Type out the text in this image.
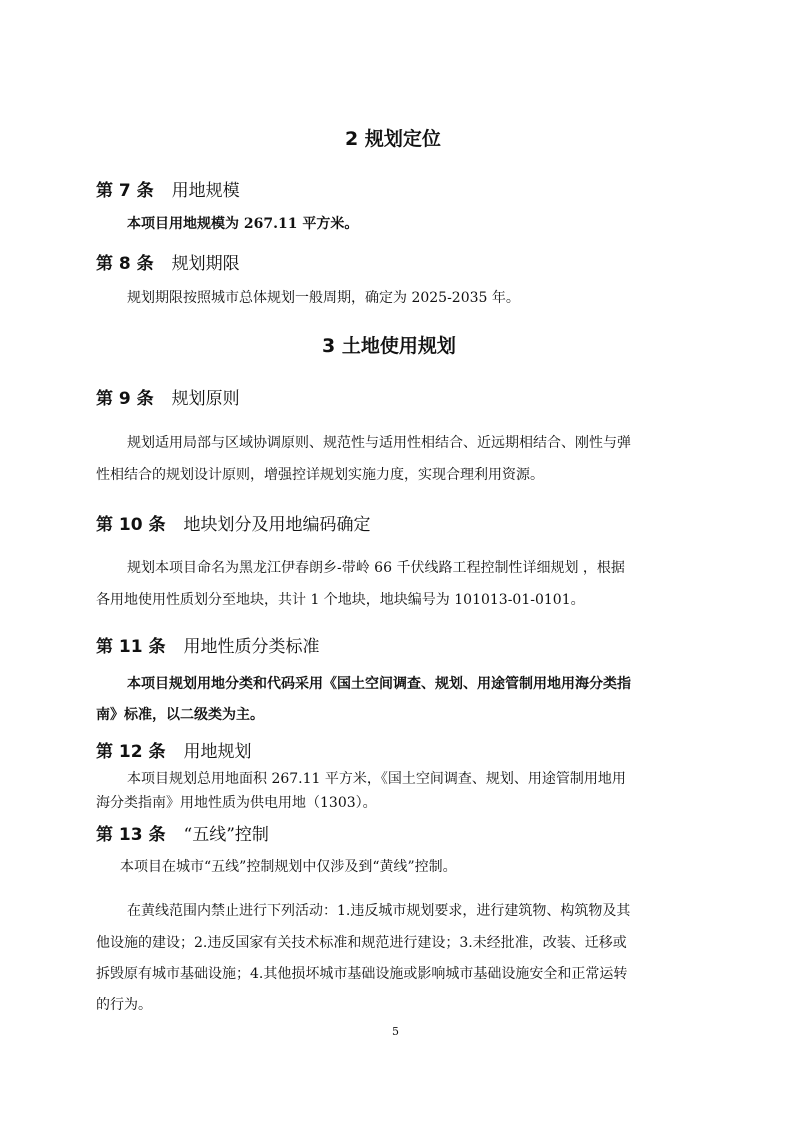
2 规划定位
第 7 条 用地规模

本项目用地规模为 267.11 平方米。

第 8 条 规划期限

规划期限按照城市总体规划一般周期，确定为 2025-2035 年。

3 土地使用规划
第 9 条 规划原则

规划适用局部与区域协调原则、规范性与适用性相结合、近远期相结合、刚性与弹

性相结合的规划设计原则，增强控详规划实施力度，实现合理利用资源。

第 10 条 地块划分及用地编码确定

规划本项目命名为黑龙江伊春朗乡-带岭 66 千伏线路工程控制性详细规划 ，根据

各用地使用性质划分至地块，共计 1 个地块，地块编号为 101013-01-0101。

第 11 条 用地性质分类标准

本项目规划用地分类和代码采用《国土空间调查、规划、用途管制用地用海分类指

南》标准，以二级类为主。

第 12 条 用地规划

本项目规划总用地面积 267.11 平方米，《国土空间调查、规划、用途管制用地用

海分类指南》用地性质为供电用地（1303）。

第 13 条 “五线”控制

本项目在城市“五线”控制规划中仅涉及到“黄线”控制。

在黄线范围内禁止进行下列活动：1.违反城市规划要求，进行建筑物、构筑物及其

他设施的建设；2.违反国家有关技术标准和规范进行建设；3.未经批准，改装、迁移或

拆毁原有城市基础设施；4.其他损坏城市基础设施或影响城市基础设施安全和正常运转

的行为。

5
